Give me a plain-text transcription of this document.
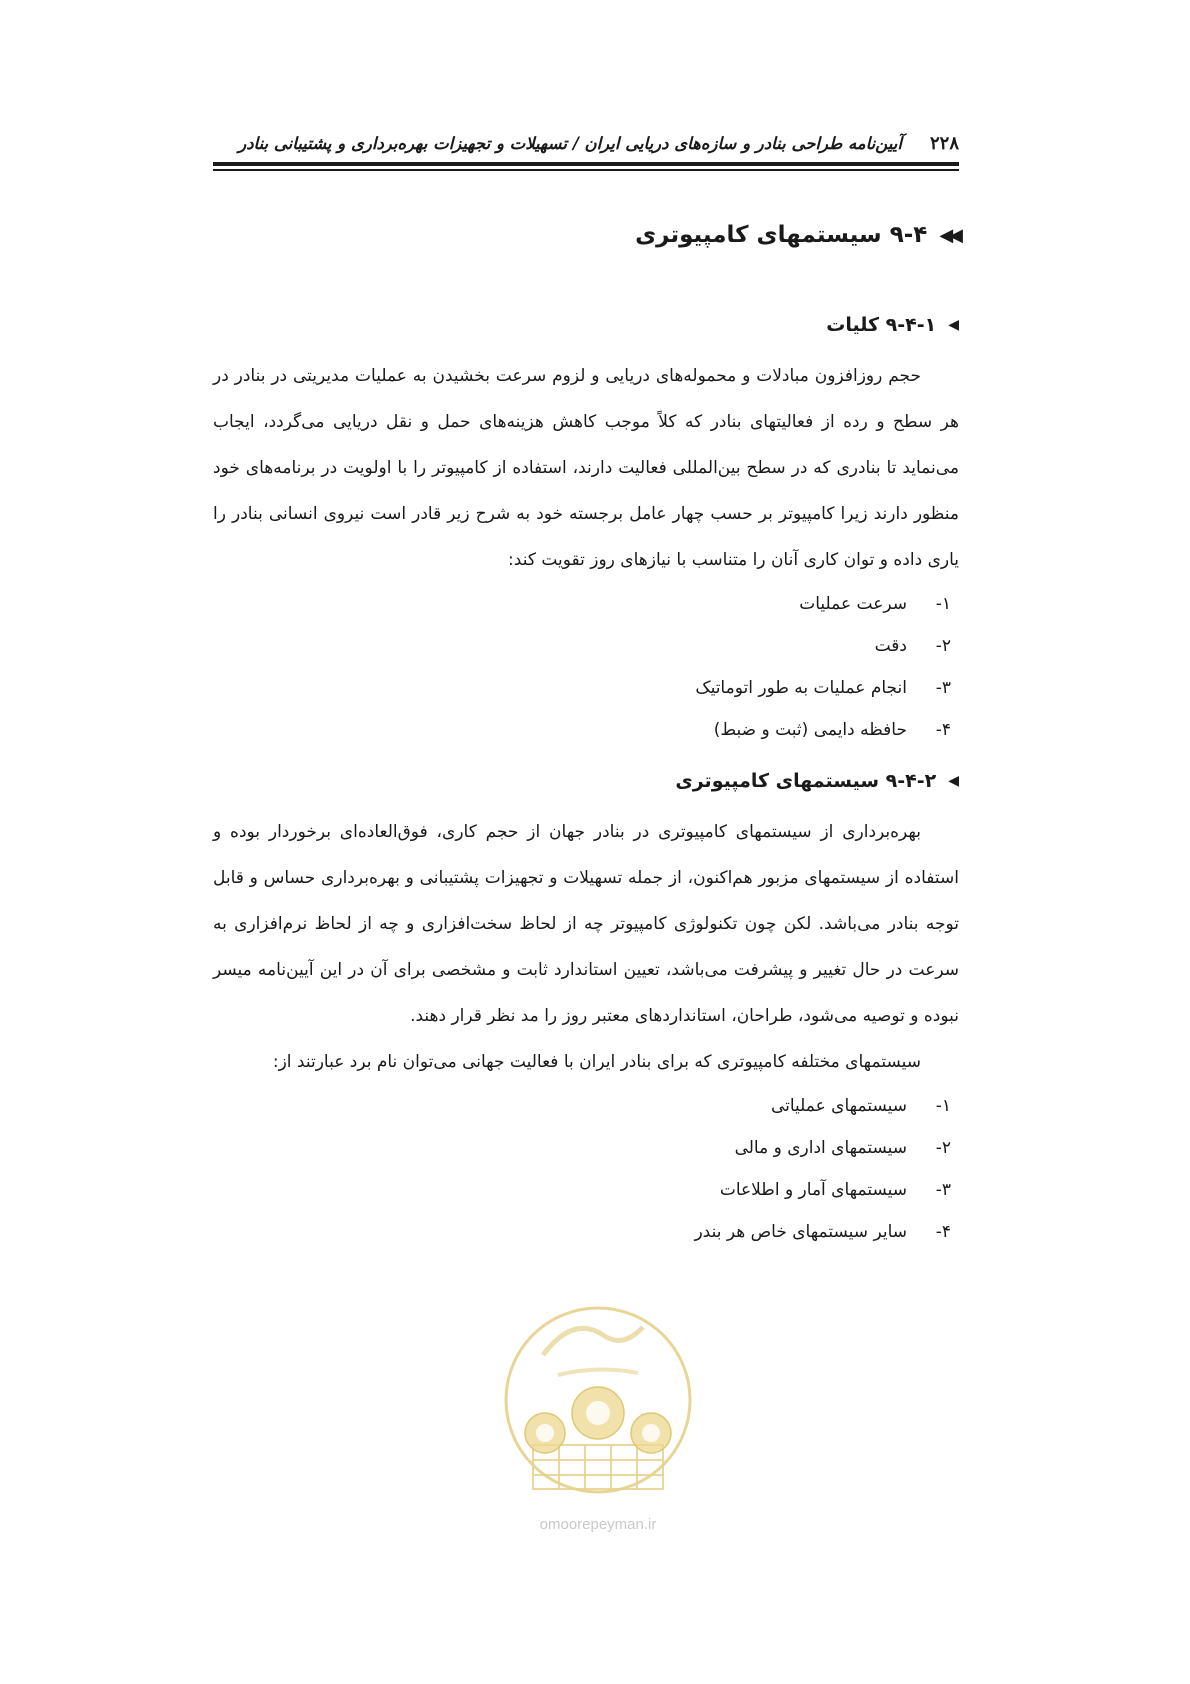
۲۲۸
آیین‌نامه طراحی بنادر و سازه‌های دریایی ایران / تسهیلات و تجهیزات بهره‌برداری و پشتیبانی بنادر
◀◀
۹-۴ سیستمهای کامپیوتری
◀
۹-۴-۱ کلیات

حجم روزافزون مبادلات و محموله‌های دریایی و لزوم سرعت بخشیدن به عملیات مدیریتی در بنادر در هر سطح و رده از فعالیتهای بنادر که کلاً موجب کاهش هزینه‌های حمل و نقل دریایی می‌گردد، ایجاب می‌نماید تا بنادری که در سطح بین‌المللی فعالیت دارند، استفاده از کامپیوتر را با اولویت در برنامه‌های خود منظور دارند زیرا کامپیوتر بر حسب چهار عامل برجسته خود به شرح زیر قادر است نیروی انسانی بنادر را یاری داده و توان کاری آنان را متناسب با نیازهای روز تقویت کند:

۱-
سرعت عملیات
۲-
دقت
۳-
انجام عملیات به طور اتوماتیک
۴-
حافظه دایمی (ثبت و ضبط)
◀
۹-۴-۲ سیستمهای کامپیوتری

بهره‌برداری از سیستمهای کامپیوتری در بنادر جهان از حجم کاری، فوق‌العاده‌ای برخوردار بوده و استفاده از سیستمهای مزبور هم‌اکنون، از جمله تسهیلات و تجهیزات پشتیبانی و بهره‌برداری حساس و قابل توجه بنادر می‌باشد. لکن چون تکنولوژی کامپیوتر چه از لحاظ سخت‌افزاری و چه از لحاظ نرم‌افزاری به سرعت در حال تغییر و پیشرفت می‌باشد، تعیین استاندارد ثابت و مشخصی برای آن در این آیین‌نامه میسر نبوده و توصیه می‌شود، طراحان، استانداردهای معتبر روز را مد نظر قرار دهند.

سیستمهای مختلفه کامپیوتری که برای بنادر ایران با فعالیت جهانی می‌توان نام برد عبارتند از:

۱-
سیستمهای عملیاتی
۲-
سیستمهای اداری و مالی
۳-
سیستمهای آمار و اطلاعات
۴-
سایر سیستمهای خاص هر بندر
omoorepeyman.ir
